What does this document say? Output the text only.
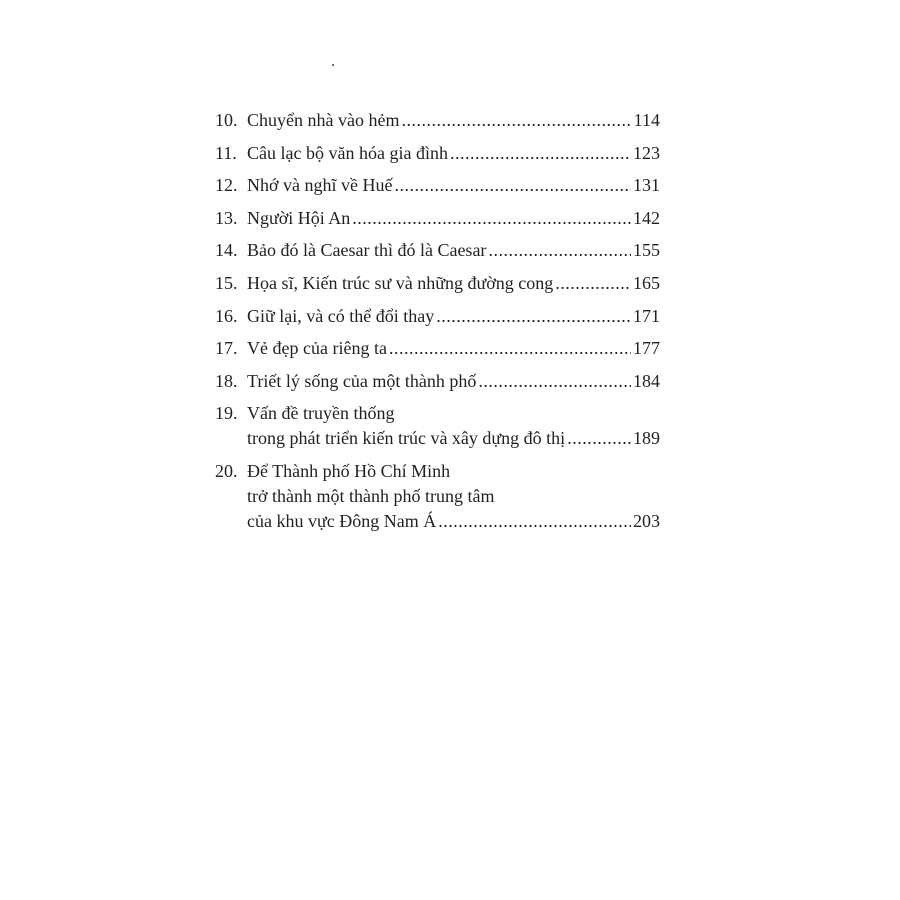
10. Chuyển nhà vào hẻm .....	114
11. Câu lạc bộ văn hóa gia đình .....	123
12. Nhớ và nghĩ về Huế .....	131
13. Người Hội An .....	142
14. Bảo đó là Caesar thì đó là Caesar .....	155
15. Họa sĩ, Kiến trúc sư và những đường cong .....	165
16. Giữ lại, và có thể đổi thay .....	171
17. Vẻ đẹp của riêng ta .....	177
18. Triết lý sống của một thành phố .....	184
19. Vấn đề truyền thống
trong phát triển kiến trúc và xây dựng đô thị .....	189
20. Để Thành phố Hồ Chí Minh
trở thành một thành phố trung tâm
của khu vực Đông Nam Á .....	203
